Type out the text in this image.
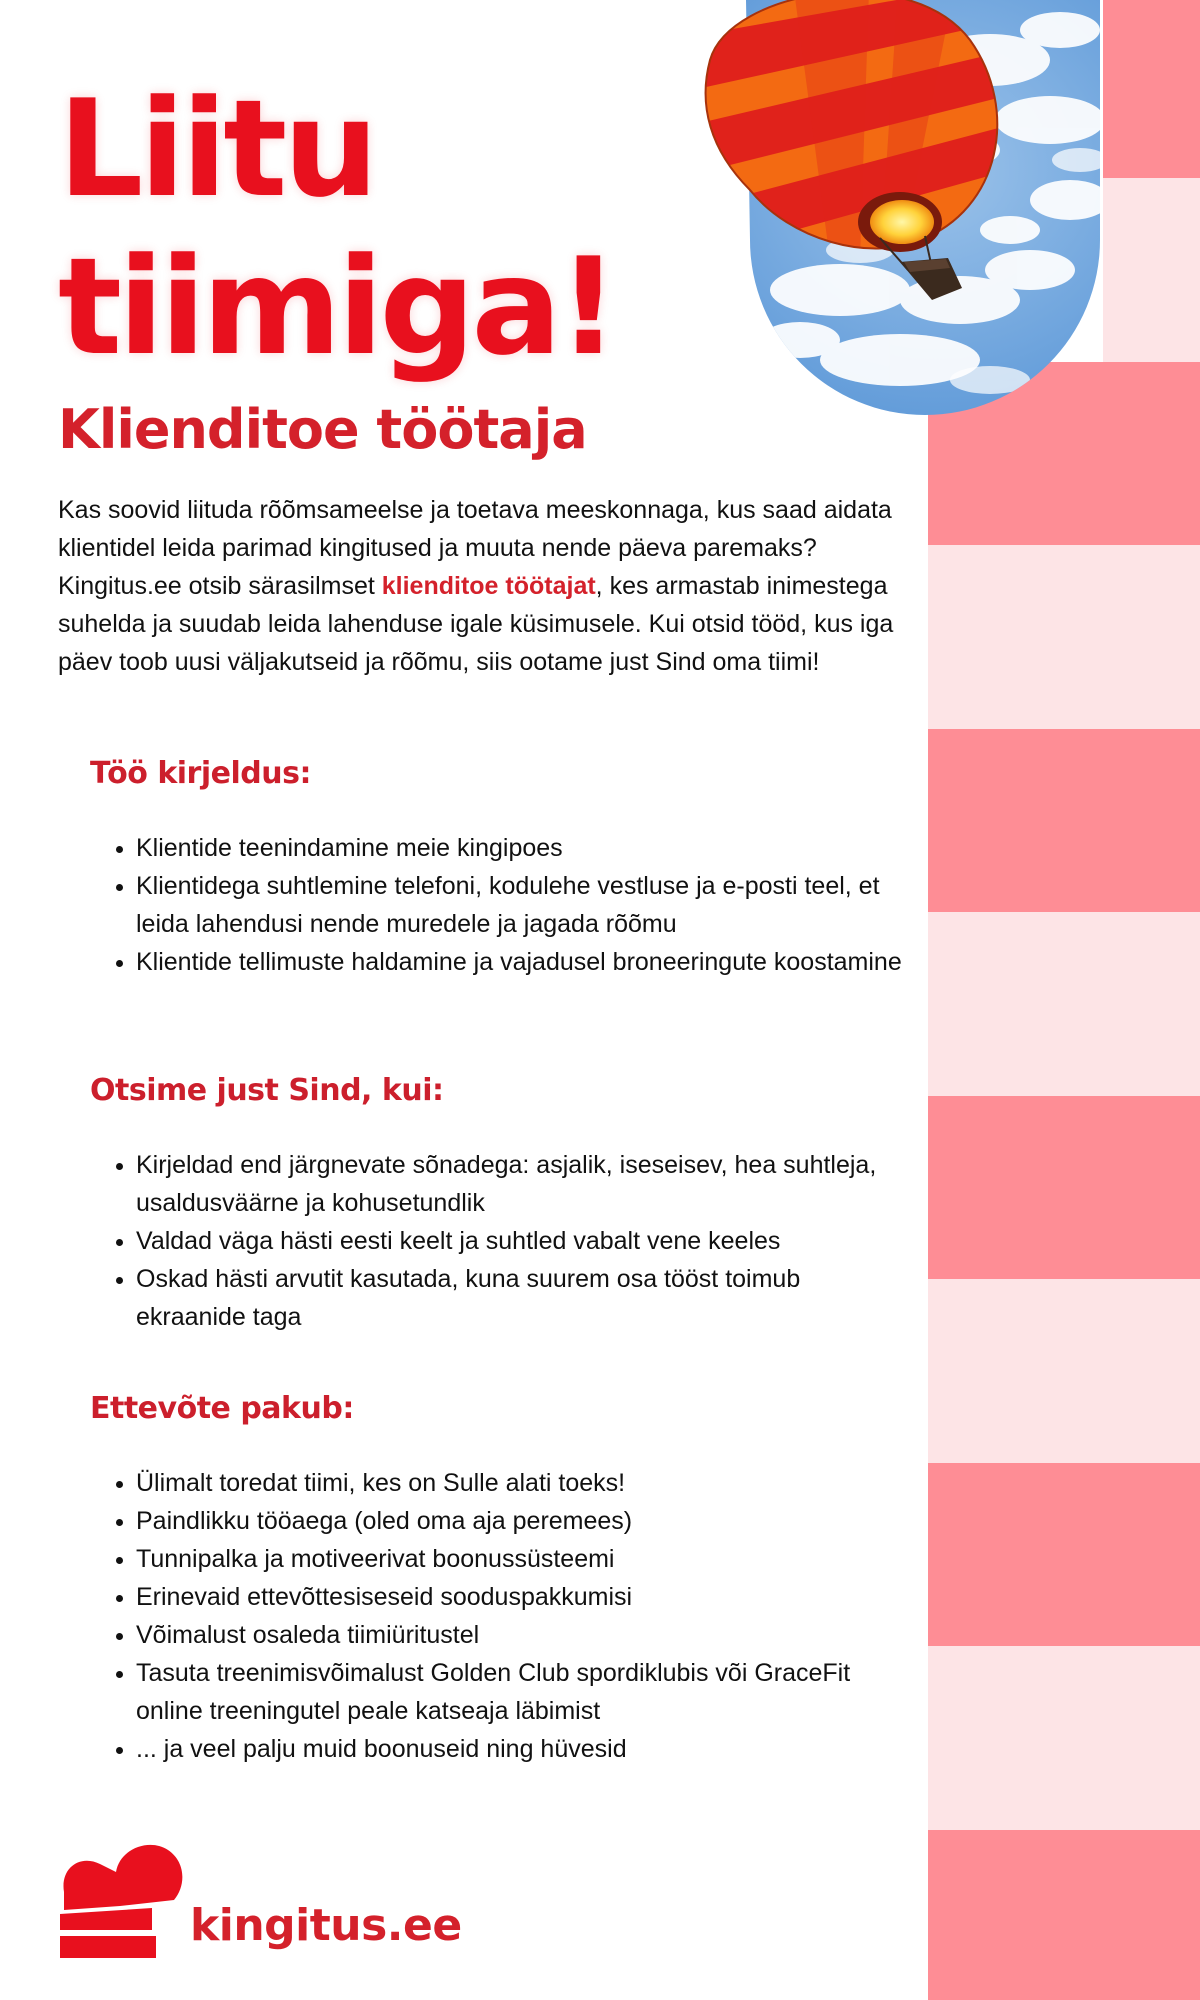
Liitu
tiimiga!
Klienditoe töötaja

Kas soovid liituda rõõmsameelse ja toetava meeskonnaga, kus saad aidata klientidel leida parimad kingitused ja muuta nende päeva paremaks? Kingitus.ee otsib särasilmset klienditoe töötajat, kes armastab inimestega suhelda ja suudab leida lahenduse igale küsimusele. Kui otsid tööd, kus iga päev toob uusi väljakutseid ja rõõmu, siis ootame just Sind oma tiimi!

Töö kirjeldus:
• Klientide teenindamine meie kingipoes
• Klientidega suhtlemine telefoni, kodulehe vestluse ja e-posti teel, et leida lahendusi nende muredele ja jagada rõõmu
• Klientide tellimuste haldamine ja vajadusel broneeringute koostamine
Otsime just Sind, kui:
• Kirjeldad end järgnevate sõnadega: asjalik, iseseisev, hea suhtleja, usaldusväärne ja kohusetundlik
• Valdad väga hästi eesti keelt ja suhtled vabalt vene keeles
• Oskad hästi arvutit kasutada, kuna suurem osa tööst toimub ekraanide taga
Ettevõte pakub:
• Ülimalt toredat tiimi, kes on Sulle alati toeks!
• Paindlikku tööaega (oled oma aja peremees)
• Tunnipalka ja motiveerivat boonussüsteemi
• Erinevaid ettevõttesiseseid sooduspakkumisi
• Võimalust osaleda tiimiüritustel
• Tasuta treenimisvõimalust Golden Club spordiklubis või GraceFit online treeningutel peale katseaja läbimist
• ... ja veel palju muid boonuseid ning hüvesid

kingitus.ee
